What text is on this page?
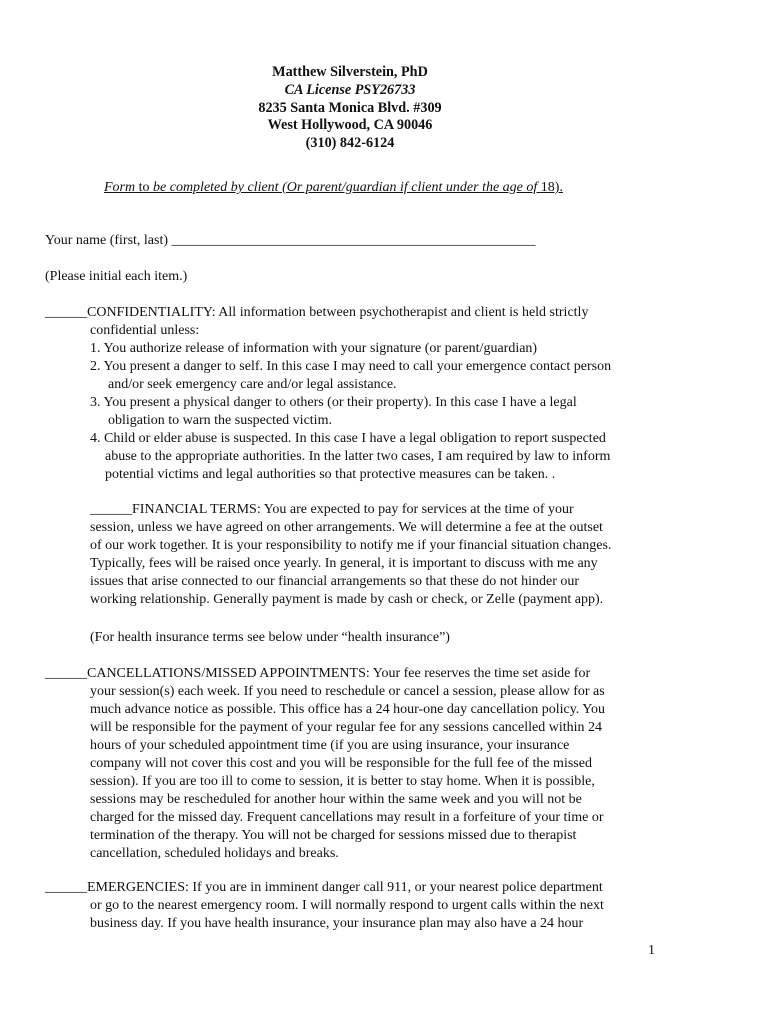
Matthew Silverstein, PhD
CA License PSY26733
8235 Santa Monica Blvd. #309
West Hollywood, CA 90046
(310) 842-6124
Form to be completed by client (Or parent/guardian if client under the age of 18).
Your name (first, last) ____________________________________________________
(Please initial each item.)
______CONFIDENTIALITY: All information between psychotherapist and client is held strictly
confidential unless:
1. You authorize release of information with your signature (or parent/guardian)
2. You present a danger to self. In this case I may need to call your emergence contact person
and/or seek emergency care and/or legal assistance.
3. You present a physical danger to others (or their property). In this case I have a legal
obligation to warn the suspected victim.
4. Child or elder abuse is suspected. In this case I have a legal obligation to report suspected
abuse to the appropriate authorities. In the latter two cases, I am required by law to inform
potential victims and legal authorities so that protective measures can be taken. .
______FINANCIAL TERMS: You are expected to pay for services at the time of your
session, unless we have agreed on other arrangements. We will determine a fee at the outset
of our work together. It is your responsibility to notify me if your financial situation changes.
Typically, fees will be raised once yearly. In general, it is important to discuss with me any
issues that arise connected to our financial arrangements so that these do not hinder our
working relationship. Generally payment is made by cash or check, or Zelle (payment app).
(For health insurance terms see below under “health insurance”)
______CANCELLATIONS/MISSED APPOINTMENTS: Your fee reserves the time set aside for
your session(s) each week. If you need to reschedule or cancel a session, please allow for as
much advance notice as possible. This office has a 24 hour-one day cancellation policy. You
will be responsible for the payment of your regular fee for any sessions cancelled within 24
hours of your scheduled appointment time (if you are using insurance, your insurance
company will not cover this cost and you will be responsible for the full fee of the missed
session). If you are too ill to come to session, it is better to stay home. When it is possible,
sessions may be rescheduled for another hour within the same week and you will not be
charged for the missed day. Frequent cancellations may result in a forfeiture of your time or
termination of the therapy. You will not be charged for sessions missed due to therapist
cancellation, scheduled holidays and breaks.
______EMERGENCIES: If you are in imminent danger call 911, or your nearest police department
or go to the nearest emergency room. I will normally respond to urgent calls within the next
business day. If you have health insurance, your insurance plan may also have a 24 hour
1
